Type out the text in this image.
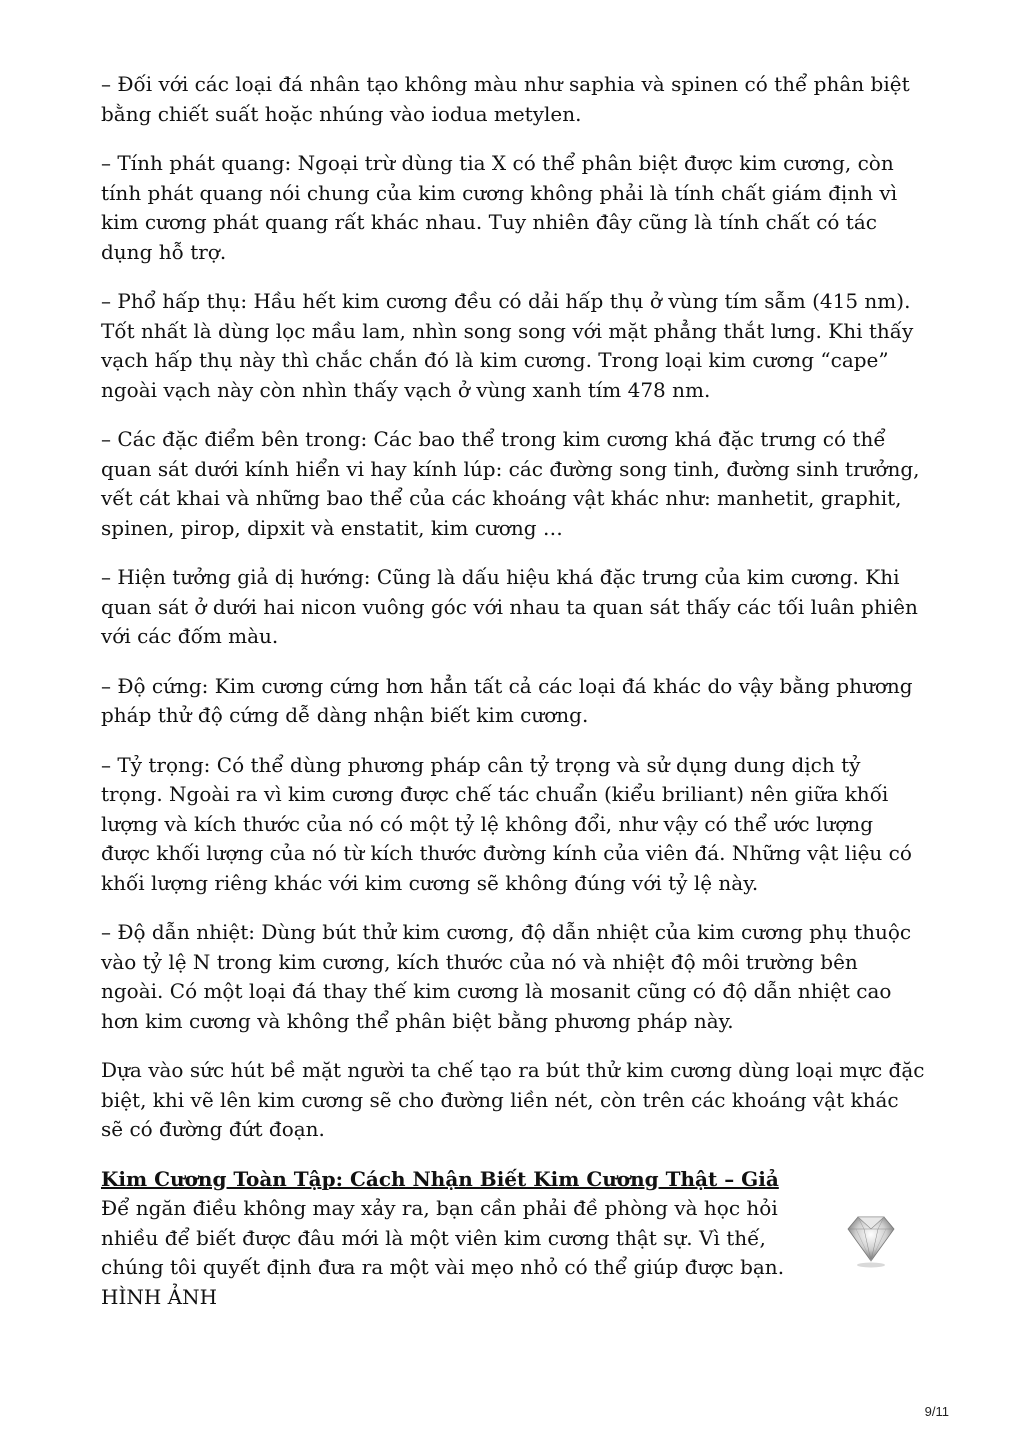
– Đối với các loại đá nhân tạo không màu như saphia và spinen có thể phân biệt bằng chiết suất hoặc nhúng vào iodua metylen.

– Tính phát quang: Ngoại trừ dùng tia X có thể phân biệt được kim cương, còn tính phát quang nói chung của kim cương không phải là tính chất giám định vì kim cương phát quang rất khác nhau. Tuy nhiên đây cũng là tính chất có tác dụng hỗ trợ.

– Phổ hấp thụ: Hầu hết kim cương đều có dải hấp thụ ở vùng tím sẫm (415 nm). Tốt nhất là dùng lọc mầu lam, nhìn song song với mặt phẳng thắt lưng. Khi thấy vạch hấp thụ này thì chắc chắn đó là kim cương. Trong loại kim cương “cape” ngoài vạch này còn nhìn thấy vạch ở vùng xanh tím 478 nm.

– Các đặc điểm bên trong: Các bao thể trong kim cương khá đặc trưng có thể quan sát dưới kính hiển vi hay kính lúp: các đường song tinh, đường sinh trưởng, vết cát khai và những bao thể của các khoáng vật khác như: manhetit, graphit, spinen, pirop, dipxit và enstatit, kim cương …

– Hiện tưởng giả dị hướng: Cũng là dấu hiệu khá đặc trưng của kim cương. Khi quan sát ở dưới hai nicon vuông góc với nhau ta quan sát thấy các tối luân phiên với các đốm màu.

– Độ cứng: Kim cương cứng hơn hẳn tất cả các loại đá khác do vậy bằng phương pháp thử độ cứng dễ dàng nhận biết kim cương.

– Tỷ trọng: Có thể dùng phương pháp cân tỷ trọng và sử dụng dung dịch tỷ trọng. Ngoài ra vì kim cương được chế tác chuẩn (kiểu briliant) nên giữa khối lượng và kích thước của nó có một tỷ lệ không đổi, như vậy có thể ước lượng được khối lượng của nó từ kích thước đường kính của viên đá. Những vật liệu có khối lượng riêng khác với kim cương sẽ không đúng với tỷ lệ này.

– Độ dẫn nhiệt: Dùng bút thử kim cương, độ dẫn nhiệt của kim cương phụ thuộc vào tỷ lệ N trong kim cương, kích thước của nó và nhiệt độ môi trường bên ngoài. Có một loại đá thay thế kim cương là mosanit cũng có độ dẫn nhiệt cao hơn kim cương và không thể phân biệt bằng phương pháp này.

Dựa vào sức hút bề mặt người ta chế tạo ra bút thử kim cương dùng loại mực đặc biệt, khi vẽ lên kim cương sẽ cho đường liền nét, còn trên các khoáng vật khác sẽ có đường đứt đoạn.

Kim Cương Toàn Tập: Cách Nhận Biết Kim Cương Thật – Giả

Để ngăn điều không may xảy ra, bạn cần phải đề phòng và học hỏi nhiều để biết được đâu mới là một viên kim cương thật sự. Vì thế, chúng tôi quyết định đưa ra một vài mẹo nhỏ có thể giúp được bạn.

HÌNH ẢNH

9/11
